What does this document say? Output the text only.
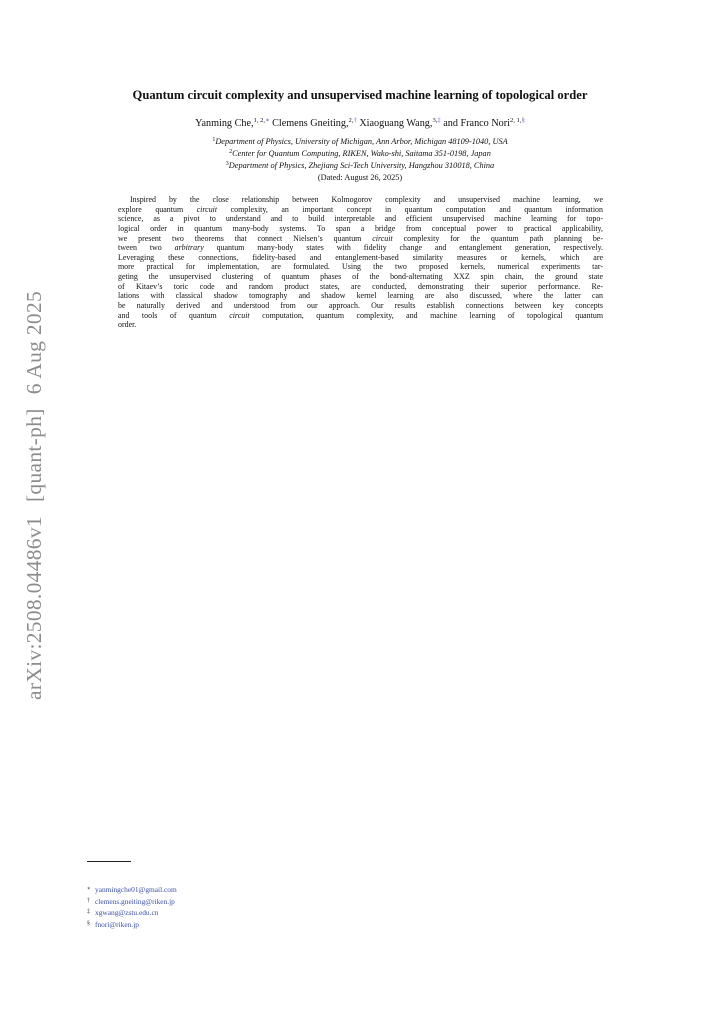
arXiv:2508.04486v1[quant-ph]6 Aug 2025
Quantum circuit complexity and unsupervised machine learning of topological order
Yanming Che,$^{1, 2,∗}$ Clemens Gneiting,$^{2,\dagger}$ Xiaoguang Wang,$^{3,\ddagger}$ and Franco Nori$^{2, 1,\S}$
$^1$Department of Physics, University of Michigan, Ann Arbor, Michigan 48109-1040, USA
$^2$Center for Quantum Computing, RIKEN, Wako-shi, Saitama 351-0198, Japan
$^3$Department of Physics, Zhejiang Sci-Tech University, Hangzhou 310018, China
(Dated: August 26, 2025)
Inspired by the close relationship between Kolmogorov complexity and unsupervised machine learning, we
explore quantum circuit complexity, an important concept in quantum computation and quantum information
science, as a pivot to understand and to build interpretable and efficient unsupervised machine learning for topo-
logical order in quantum many-body systems. To span a bridge from conceptual power to practical applicability,
we present two theorems that connect Nielsen’s quantum circuit complexity for the quantum path planning be-
tween two arbitrary quantum many-body states with fidelity change and entanglement generation, respectively.
Leveraging these connections, fidelity-based and entanglement-based similarity measures or kernels, which are
more practical for implementation, are formulated. Using the two proposed kernels, numerical experiments tar-
geting the unsupervised clustering of quantum phases of the bond-alternating XXZ spin chain, the ground state
of Kitaev’s toric code and random product states, are conducted, demonstrating their superior performance. Re-
lations with classical shadow tomography and shadow kernel learning are also discussed, where the latter can
be naturally derived and understood from our approach. Our results establish connections between key concepts
and tools of quantum circuit computation, quantum complexity, and machine learning of topological quantum
order.
∗ yanmingche01@gmail.com
† clemens.gneiting@riken.jp
‡ xgwang@zstu.edu.cn
§ fnori@riken.jp
